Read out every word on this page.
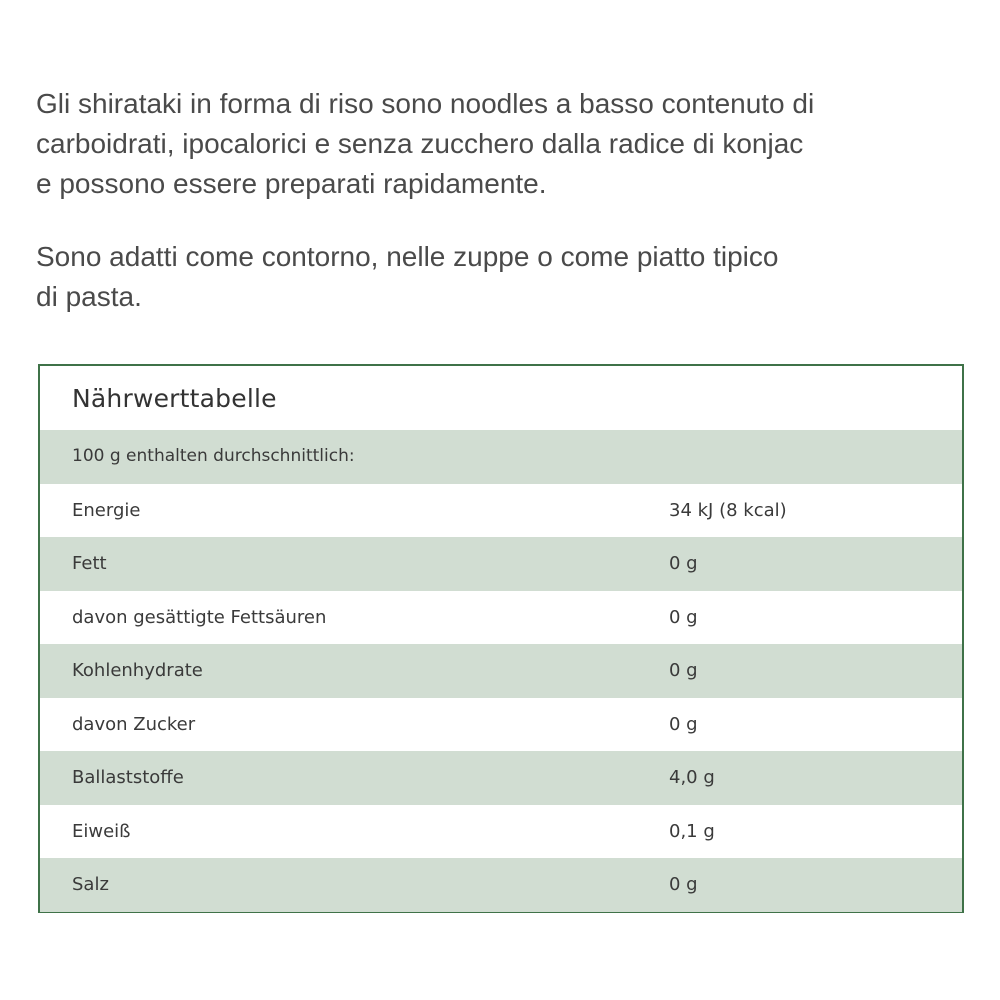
Gli shirataki in forma di riso sono noodles a basso contenuto di
carboidrati, ipocalorici e senza zucchero dalla radice di konjac
e possono essere preparati rapidamente.

Sono adatti come contorno, nelle zuppe o come piatto tipico
di pasta.

Nährwerttabelle
100 g enthalten durchschnittlich:
Energie	34 kJ (8 kcal)
Fett	0 g
davon gesättigte Fettsäuren	0 g
Kohlenhydrate	0 g
davon Zucker	0 g
Ballaststoffe	4,0 g
Eiweiß	0,1 g
Salz	0 g
